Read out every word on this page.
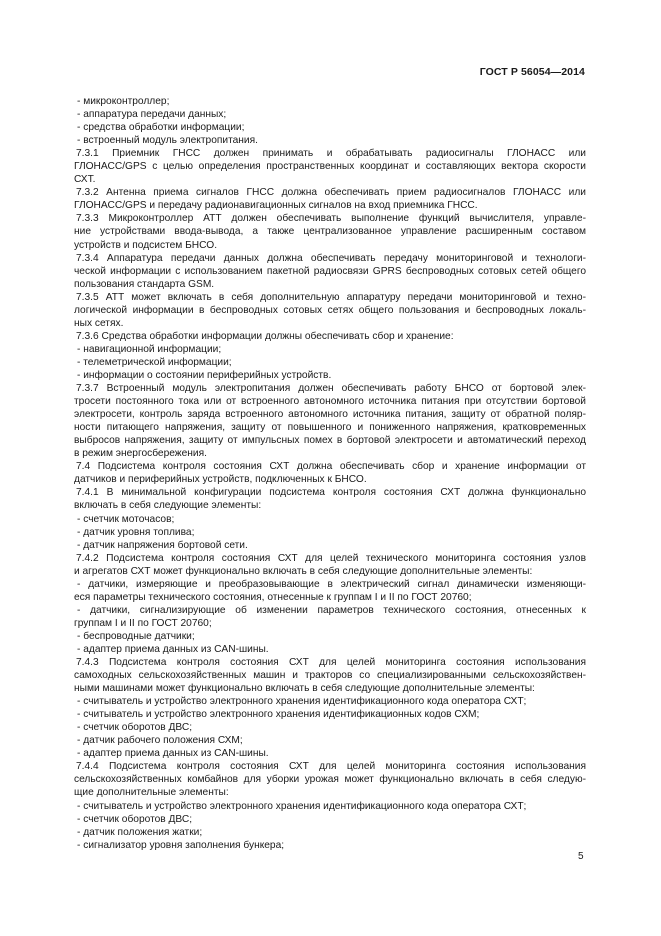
ГОСТ Р 56054—2014
- микроконтроллер;
- аппаратура передачи данных;
- средства обработки информации;
- встроенный модуль электропитания.
7.3.1 Приемник ГНСС должен принимать и обрабатывать радиосигналы ГЛОНАСС или
ГЛОНАСС/GPS с целью определения пространственных координат и составляющих вектора скорости
СХТ.
7.3.2 Антенна приема сигналов ГНСС должна обеспечивать прием радиосигналов ГЛОНАСС или
ГЛОНАСС/GPS и передачу радионавигационных сигналов на вход приемника ГНСС.
7.3.3 Микроконтроллер АТТ должен обеспечивать выполнение функций вычислителя, управле-
ние устройствами ввода-вывода, а также централизованное управление расширенным составом
устройств и подсистем БНСО.
7.3.4 Аппаратура передачи данных должна обеспечивать передачу мониторинговой и технологи-
ческой информации с использованием пакетной радиосвязи GPRS беспроводных сотовых сетей общего
пользования стандарта GSM.
7.3.5 АТТ может включать в себя дополнительную аппаратуру передачи мониторинговой и техно-
логической информации в беспроводных сотовых сетях общего пользования и беспроводных локаль-
ных сетях.
7.3.6 Средства обработки информации должны обеспечивать сбор и хранение:
- навигационной информации;
- телеметрической информации;
- информации о состоянии периферийных устройств.
7.3.7 Встроенный модуль электропитания должен обеспечивать работу БНСО от бортовой элек-
тросети постоянного тока или от встроенного автономного источника питания при отсутствии бортовой
электросети, контроль заряда встроенного автономного источника питания, защиту от обратной поляр-
ности питающего напряжения, защиту от повышенного и пониженного напряжения, кратковременных
выбросов напряжения, защиту от импульсных помех в бортовой электросети и автоматический переход
в режим энергосбережения.
7.4 Подсистема контроля состояния СХТ должна обеспечивать сбор и хранение информации от
датчиков и периферийных устройств, подключенных к БНСО.
7.4.1 В минимальной конфигурации подсистема контроля состояния СХТ должна функционально
включать в себя следующие элементы:
- счетчик моточасов;
- датчик уровня топлива;
- датчик напряжения бортовой сети.
7.4.2 Подсистема контроля состояния СХТ для целей технического мониторинга состояния узлов
и агрегатов СХТ может функционально включать в себя следующие дополнительные элементы:
- датчики, измеряющие и преобразовывающие в электрический сигнал динамически изменяющи-
еся параметры технического состояния, отнесенные к группам I и II по ГОСТ 20760;
- датчики, сигнализирующие об изменении параметров технического состояния, отнесенных к
группам I и II по ГОСТ 20760;
- беспроводные датчики;
- адаптер приема данных из CAN-шины.
7.4.3 Подсистема контроля состояния СХТ для целей мониторинга состояния использования
самоходных сельскохозяйственных машин и тракторов со специализированными сельскохозяйствен-
ными машинами может функционально включать в себя следующие дополнительные элементы:
- считыватель и устройство электронного хранения идентификационного кода оператора СХТ;
- считыватель и устройство электронного хранения идентификационных кодов СХМ;
- счетчик оборотов ДВС;
- датчик рабочего положения СХМ;
- адаптер приема данных из CAN-шины.
7.4.4 Подсистема контроля состояния СХТ для целей мониторинга состояния использования
сельскохозяйственных комбайнов для уборки урожая может функционально включать в себя следую-
щие дополнительные элементы:
- считыватель и устройство электронного хранения идентификационного кода оператора СХТ;
- счетчик оборотов ДВС;
- датчик положения жатки;
- сигнализатор уровня заполнения бункера;
5
